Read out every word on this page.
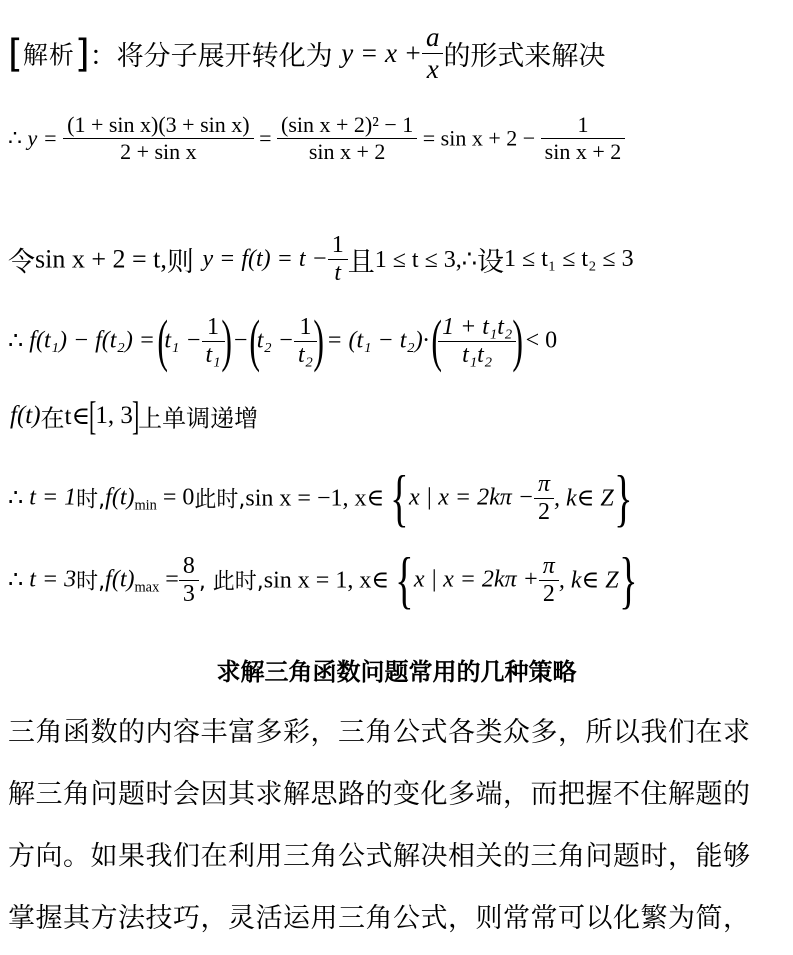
[解析]：将分子展开转化为 $y = x + \frac{a}{x}$ 的形式来解决
∴ $y = \frac{\text{(1 + sin x)(3 + sin x)}}{\text{2 + sin x}} = \frac{\text{(sin x + 2)² − 1}}{\text{sin x + 2}} = \sin x + 2 - \frac{1}{\text{sin x + 2}}$
令sin x + 2 = t,则 $y = f(t) = t - \frac{1}{t}$ 且1 ≤ t ≤ 3,∴设1 ≤ t₁ ≤ t₂ ≤ 3
∴ $f(t_1) - f(t_2) = (t_1 - \frac{1}{\text{t₁}}$
) − ($t_2 - \frac{1}{\text{t₂}}$
) = (t₁ − t₂)· (
$\frac{\text{1 + t₁t₂}}{\text{t₁t₂}}$
) < 0
f(t)在t∈[1, 3]上单调递增
∴ t = 1时$,f(t)_{min} = 0$此时,sin x = −1, x∈ {x | $x = 2k\pi - \frac{\pi}{2}$ , k∈ Z}
∴ t = 3时$,f(t)_{max} = \frac{8}{3}$ , 此时,sin x = 1, x∈ {x | $x = 2k\pi + \frac{\pi}{2}$ , k∈ Z}
求解三角函数问题常用的几种策略
三角函数的内容丰富多彩，三角公式各类众多，所以我们在求
解三角问题时会因其求解思路的变化多端，而把握不住解题的
方向。如果我们在利用三角公式解决相关的三角问题时，能够
掌握其方法技巧，灵活运用三角公式，则常常可以化繁为简，
